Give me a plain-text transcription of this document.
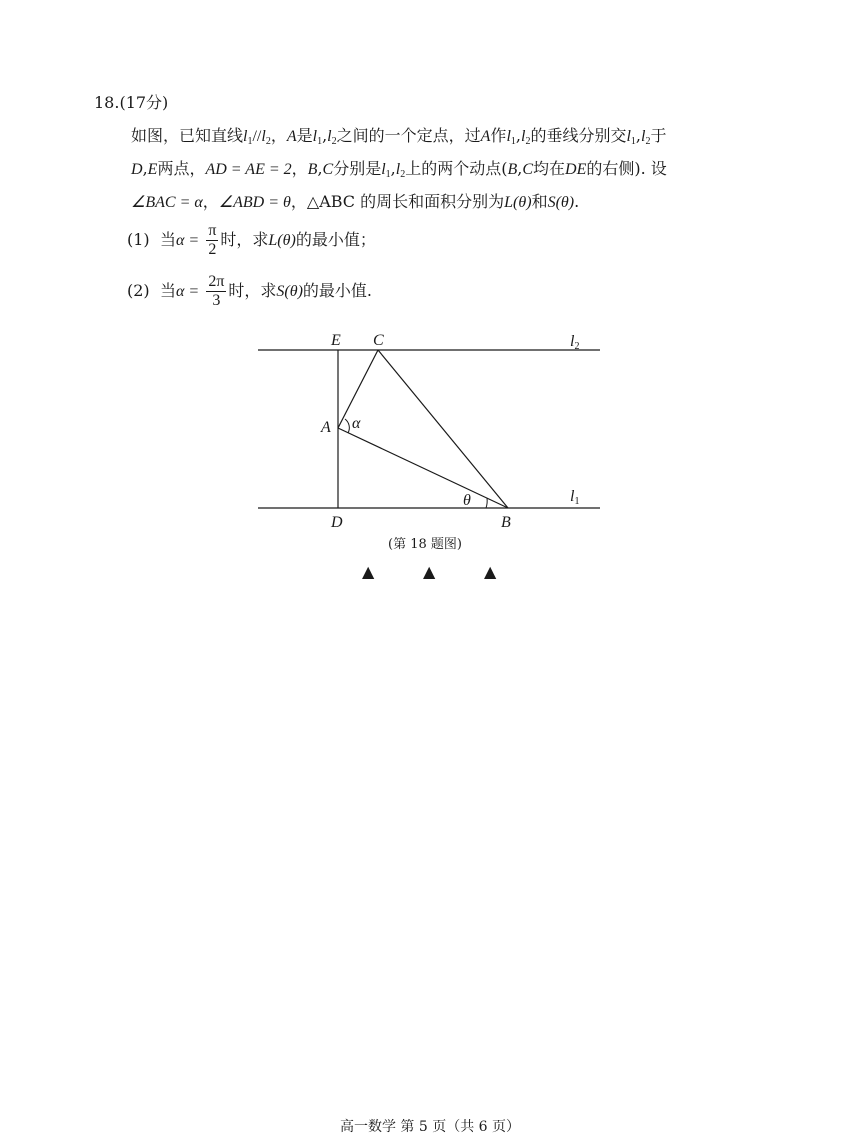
18.(17分)
如图，已知直线$l_1//l_2$，A是$l_1,l_2$之间的一个定点，过A作$l_1,l_2$的垂线分别交$l_1,l_2$于
D,E两点，AD = AE = 2，B,C分别是$l_1,l_2$上的两个动点(B,C均在DE的右侧). 设
∠BAC = α，∠ABD = θ，△ABC 的周长和面积分别为L(θ)和S(θ).
(1) 当$\alpha = \frac{\pi}{2}$ 时，求L(θ)的最小值；
(2) 当$\alpha = \frac{2\pi}{3}$ 时，求S(θ)的最小值.
E C
A α
θ
D	B
l2
l1
(第 18 题图)
▲	▲	▲
高一数学 第 5 页（共 6 页）
